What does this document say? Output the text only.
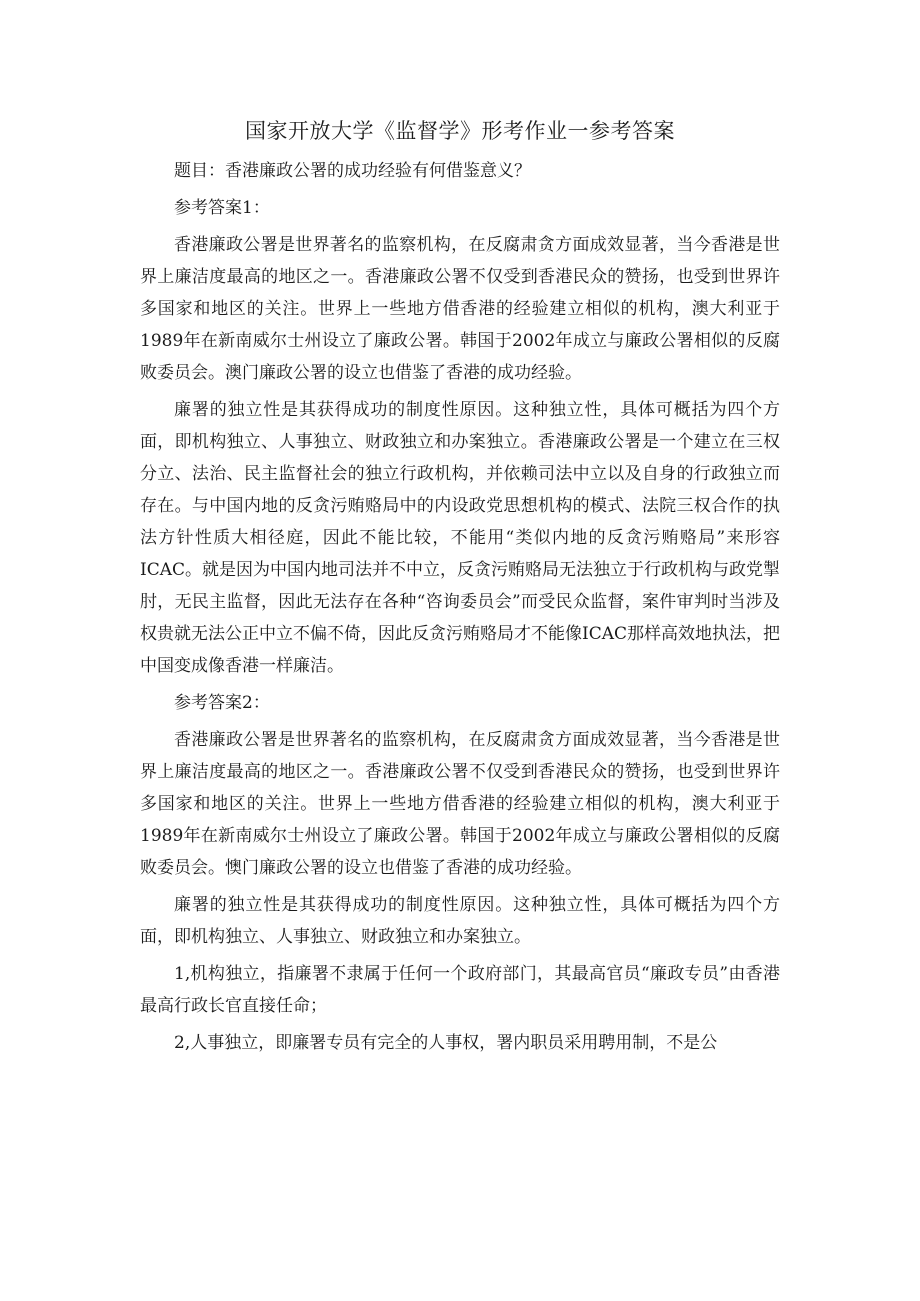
国家开放大学《监督学》形考作业一参考答案

题目：香港廉政公署的成功经验有何借鉴意义？

参考答案1：

香港廉政公署是世界著名的监察机构，在反腐肃贪方面成效显著，当今香港是世界上廉洁度最高的地区之一。香港廉政公署不仅受到香港民众的赞扬，也受到世界许多国家和地区的关注。世界上一些地方借香港的经验建立相似的机构，澳大利亚于1989年在新南威尔士州设立了廉政公署。韩国于2002年成立与廉政公署相似的反腐败委员会。澳门廉政公署的设立也借鉴了香港的成功经验。

廉署的独立性是其获得成功的制度性原因。这种独立性，具体可概括为四个方面，即机构独立、人事独立、财政独立和办案独立。香港廉政公署是一个建立在三权分立、法治、民主监督社会的独立行政机构，并依赖司法中立以及自身的行政独立而存在。与中国内地的反贪污贿赂局中的内设政党思想机构的模式、法院三权合作的执法方针性质大相径庭，因此不能比较，不能用“类似内地的反贪污贿赂局”来形容ICAC。就是因为中国内地司法并不中立，反贪污贿赂局无法独立于行政机构与政党掣肘，无民主监督，因此无法存在各种“咨询委员会”而受民众监督，案件审判时当涉及权贵就无法公正中立不偏不倚，因此反贪污贿赂局才不能像ICAC那样高效地执法，把中国变成像香港一样廉洁。

参考答案2：

香港廉政公署是世界著名的监察机构，在反腐肃贪方面成效显著，当今香港是世界上廉洁度最高的地区之一。香港廉政公署不仅受到香港民众的赞扬，也受到世界许多国家和地区的关注。世界上一些地方借香港的经验建立相似的机构，澳大利亚于1989年在新南威尔士州设立了廉政公署。韩国于2002年成立与廉政公署相似的反腐败委员会。懊门廉政公署的设立也借鉴了香港的成功经验。

廉署的独立性是其获得成功的制度性原因。这种独立性，具体可概括为四个方面，即机构独立、人事独立、财政独立和办案独立。

1,机构独立，指廉署不隶属于任何一个政府部门，其最高官员“廉政专员”由香港最高行政长官直接任命；

2,人事独立，即廉署专员有完全的人事权，署内职员采用聘用制，不是公
